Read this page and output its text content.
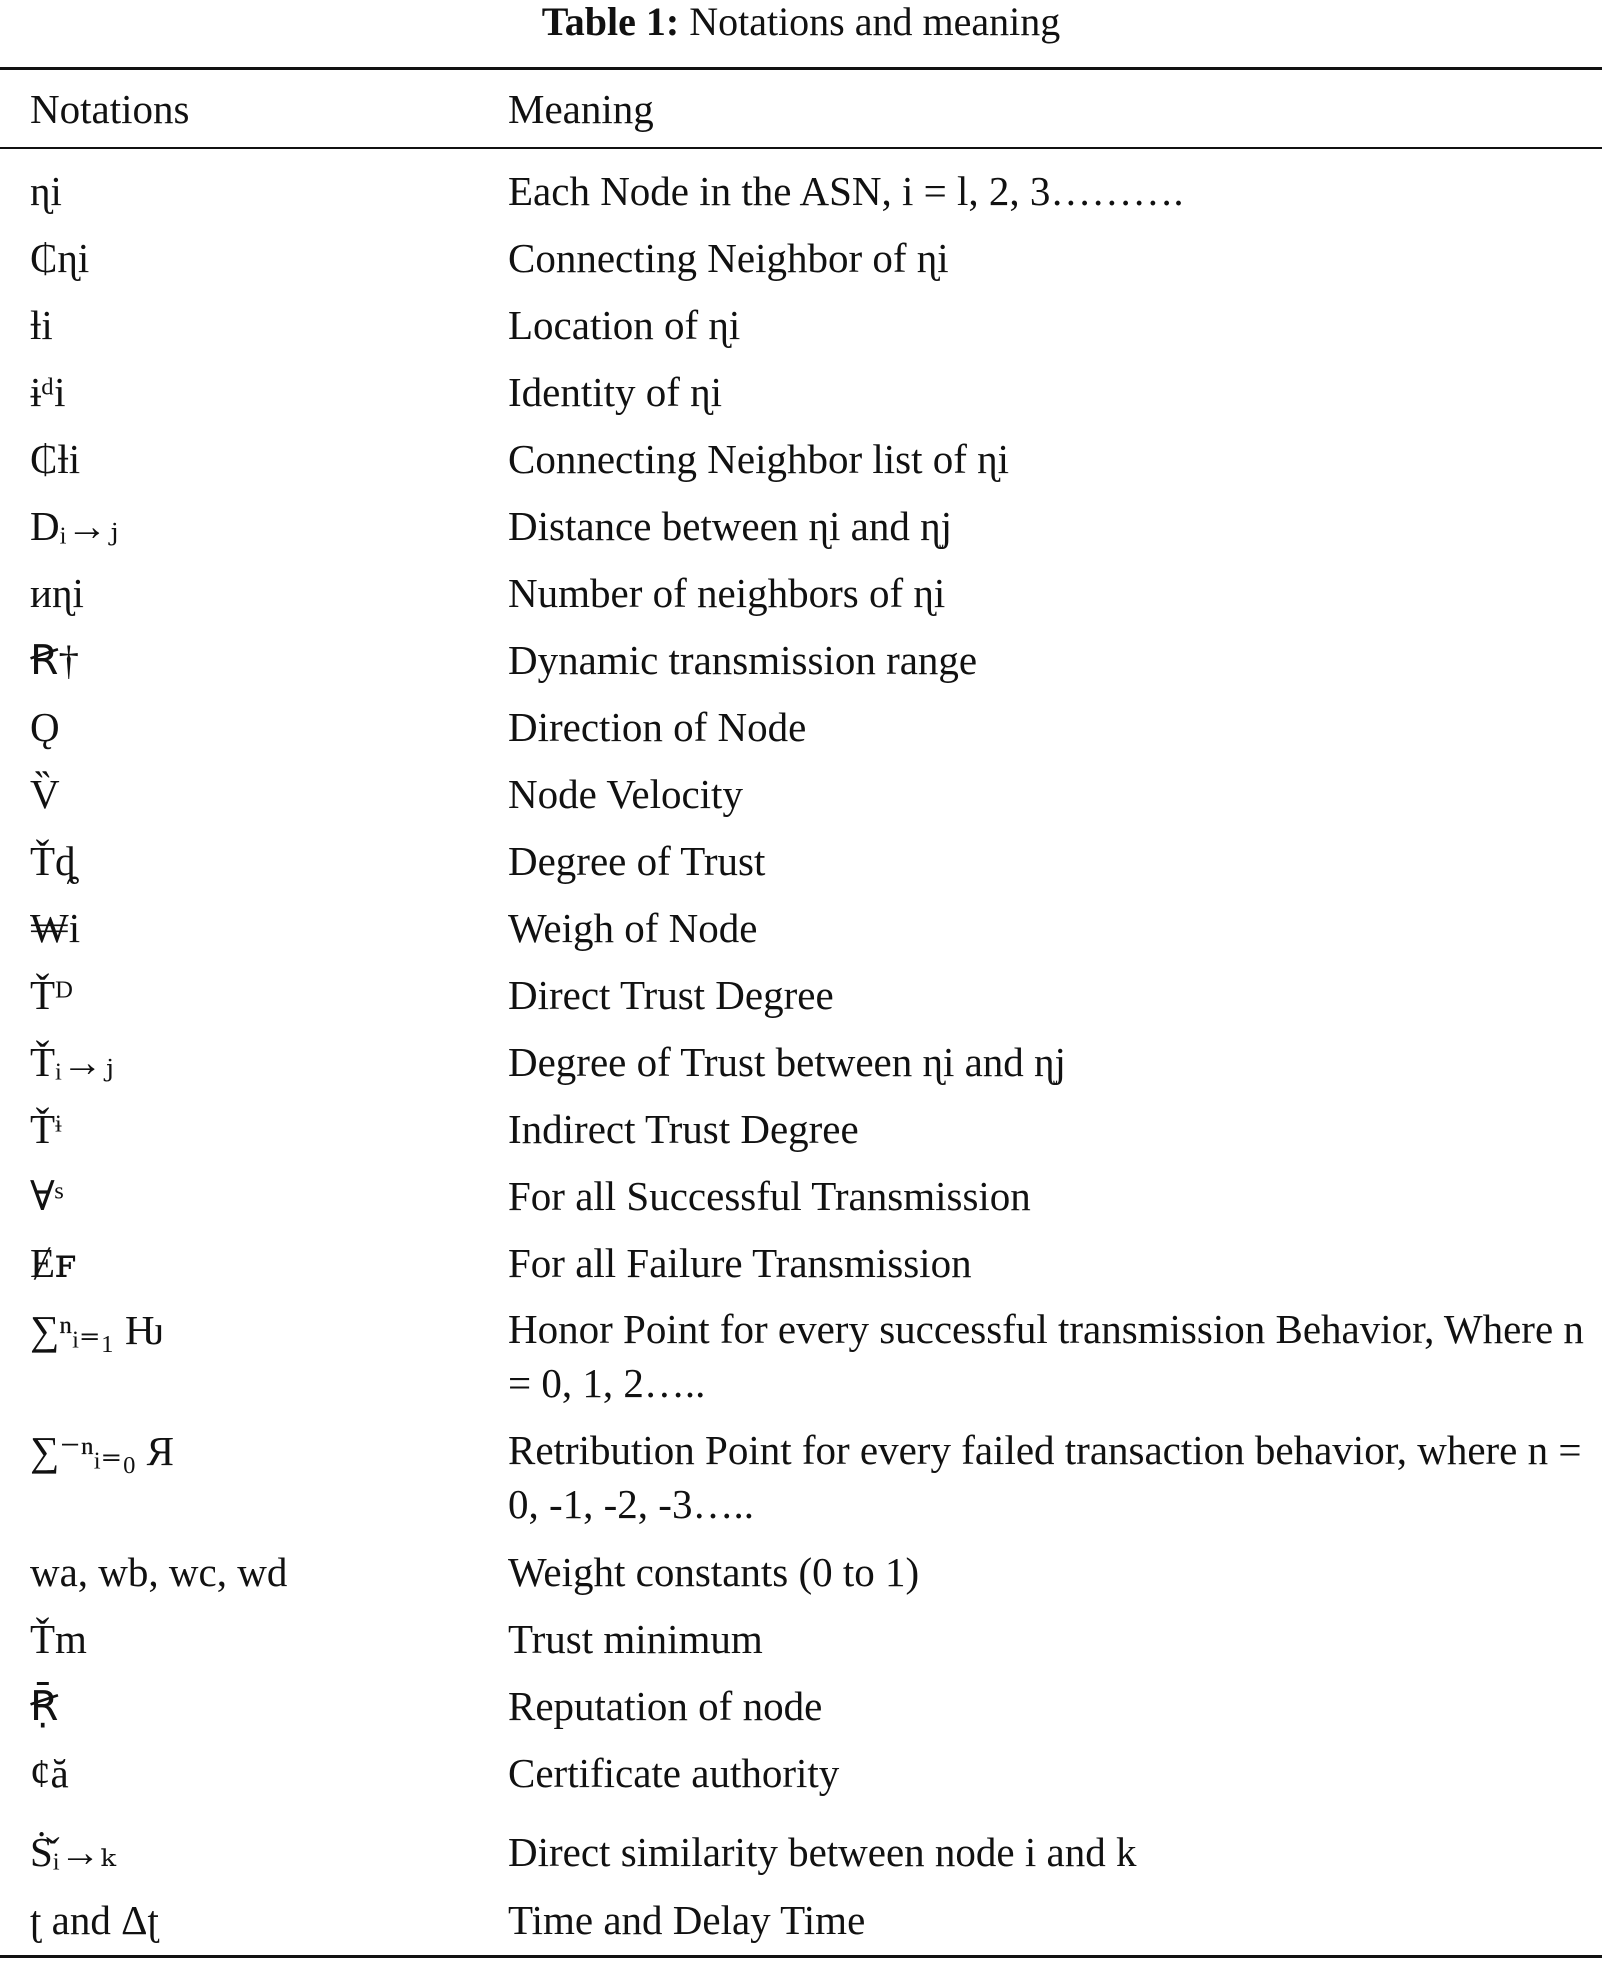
Table 1: Notations and meaning
Notations	Meaning
ɳi	Each Node in the ASN, i = l, 2, 3……….
₵ɳi	Connecting Neighbor of ɳi
ƚi	Location of ɳi
ɨᵈi	Identity of ɳi
₵ƚi	Connecting Neighbor list of ɳi
Dᵢ→ⱼ	Distance between ɳi and ɳj
ᴎɳi	Number of neighbors of ɳi
Ꞧ†	Dynamic transmission range
Ǫ	Direction of Node
V̏	Node Velocity
Ťȡ	Degree of Trust
₩i	Weigh of Node
Ťᴰ	Direct Trust Degree
Ťᵢ→ⱼ	Degree of Trust between ɳi and ɳj
Ťᶤ	Indirect Trust Degree
∀ˢ	For all Successful Transmission
Ɇꜰ	For all Failure Transmission
∑ⁿᵢ₌₁ Ƕ	Honor Point for every successful transmission Behavior, Where n = 0, 1, 2…..
∑⁻ⁿᵢ₌₀ Я	Retribution Point for every failed transaction behavior, where n = 0, -1, -2, -3…..
wa, wb, wc, wd	Weight constants (0 to 1)
Ťm	Trust minimum
Ꞧ̣̄	Reputation of node
ȼă	Certificate authority
Ṡ̌ᵢ→ₖ	Direct similarity between node i and k
ʈ and Δʈ	Time and Delay Time
